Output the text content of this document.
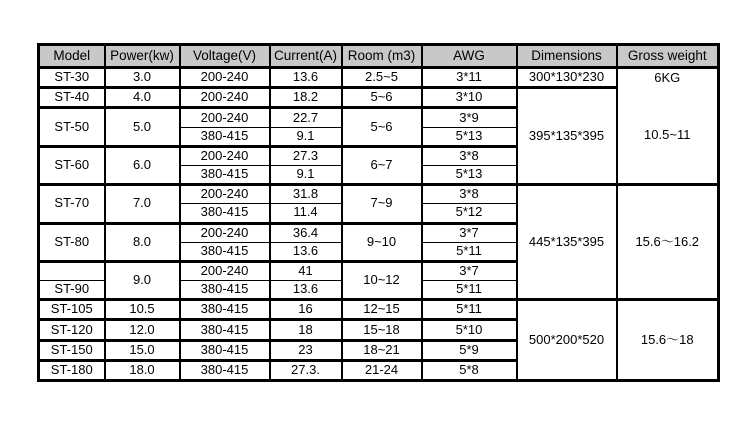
Model	Power(kw)	Voltage(V)	Current(A)	Room (m3)	AWG	Dimensions	Gross weight
ST-30	3.0	200-240	13.6	2.5~5	3*11	300*130*230	6KG
ST-40	4.0	200-240	18.2	5~6	3*10	395*135*395	10.5~11
ST-50	5.0	200-240	22.7	5~6	3*9		
		380-415	9.1		5*13		
ST-60	6.0	200-240	27.3	6~7	3*8		
		380-415	9.1		5*13		
ST-70	7.0	200-240	31.8	7~9	3*8	445*135*395	15.6～16.2
		380-415	11.4		5*12		
ST-80	8.0	200-240	36.4	9~10	3*7		
		380-415	13.6		5*11		
	9.0	200-240	41	10~12	3*7		
ST-90		380-415	13.6		5*11		
ST-105	10.5	380-415	16	12~15	5*11	500*200*520	15.6～18
ST-120	12.0	380-415	18	15~18	5*10		
ST-150	15.0	380-415	23	18~21	5*9		
ST-180	18.0	380-415	27.3.	21-24	5*8		
